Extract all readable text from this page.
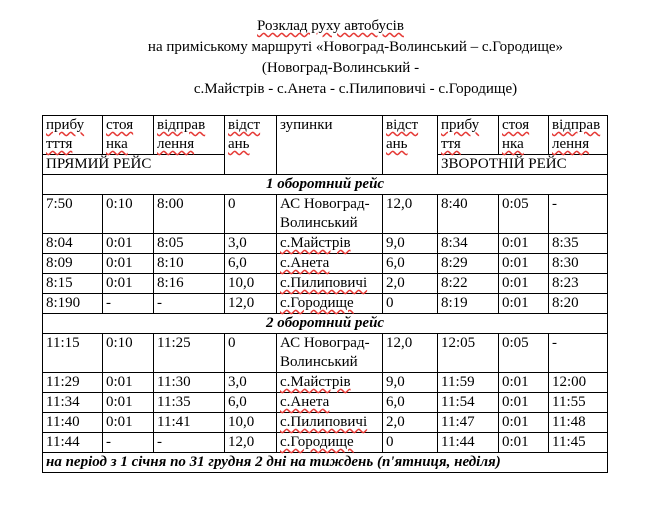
Розклад руху автобусів
на приміському маршруті «Новоград-Волинський – с.Городище»
(Новоград-Волинський -
с.Майстрів - с.Анета - с.Пилиповичі - с.Городище)
прибу тття	стоя нка	відправ лення	відст ань	зупинки	відст ань	прибу ття	стоя нка	відправ лення
ПРЯМИЙ РЕЙС						ЗВОРОТНІЙ РЕЙС		
1 оборотний рейс								
7:50	0:10	8:00	0	АС Новоград-Волинський	12,0	8:40	0:05	-
8:04	0:01	8:05	3,0	с.Майстрів	9,0	8:34	0:01	8:35
8:09	0:01	8:10	6,0	с.Анета	6,0	8:29	0:01	8:30
8:15	0:01	8:16	10,0	с.Пилиповичі	2,0	8:22	0:01	8:23
8:190	-	-	12,0	с.Городище	0	8:19	0:01	8:20
2 оборотний рейс								
11:15	0:10	11:25	0	АС Новоград-Волинський	12,0	12:05	0:05	-
11:29	0:01	11:30	3,0	с.Майстрів	9,0	11:59	0:01	12:00
11:34	0:01	11:35	6,0	с.Анета	6,0	11:54	0:01	11:55
11:40	0:01	11:41	10,0	с.Пилиповичі	2,0	11:47	0:01	11:48
11:44	-	-	12,0	с.Городище	0	11:44	0:01	11:45
на період з 1 січня по 31 грудня 2 дні на тиждень (п'ятниця, неділя)								
